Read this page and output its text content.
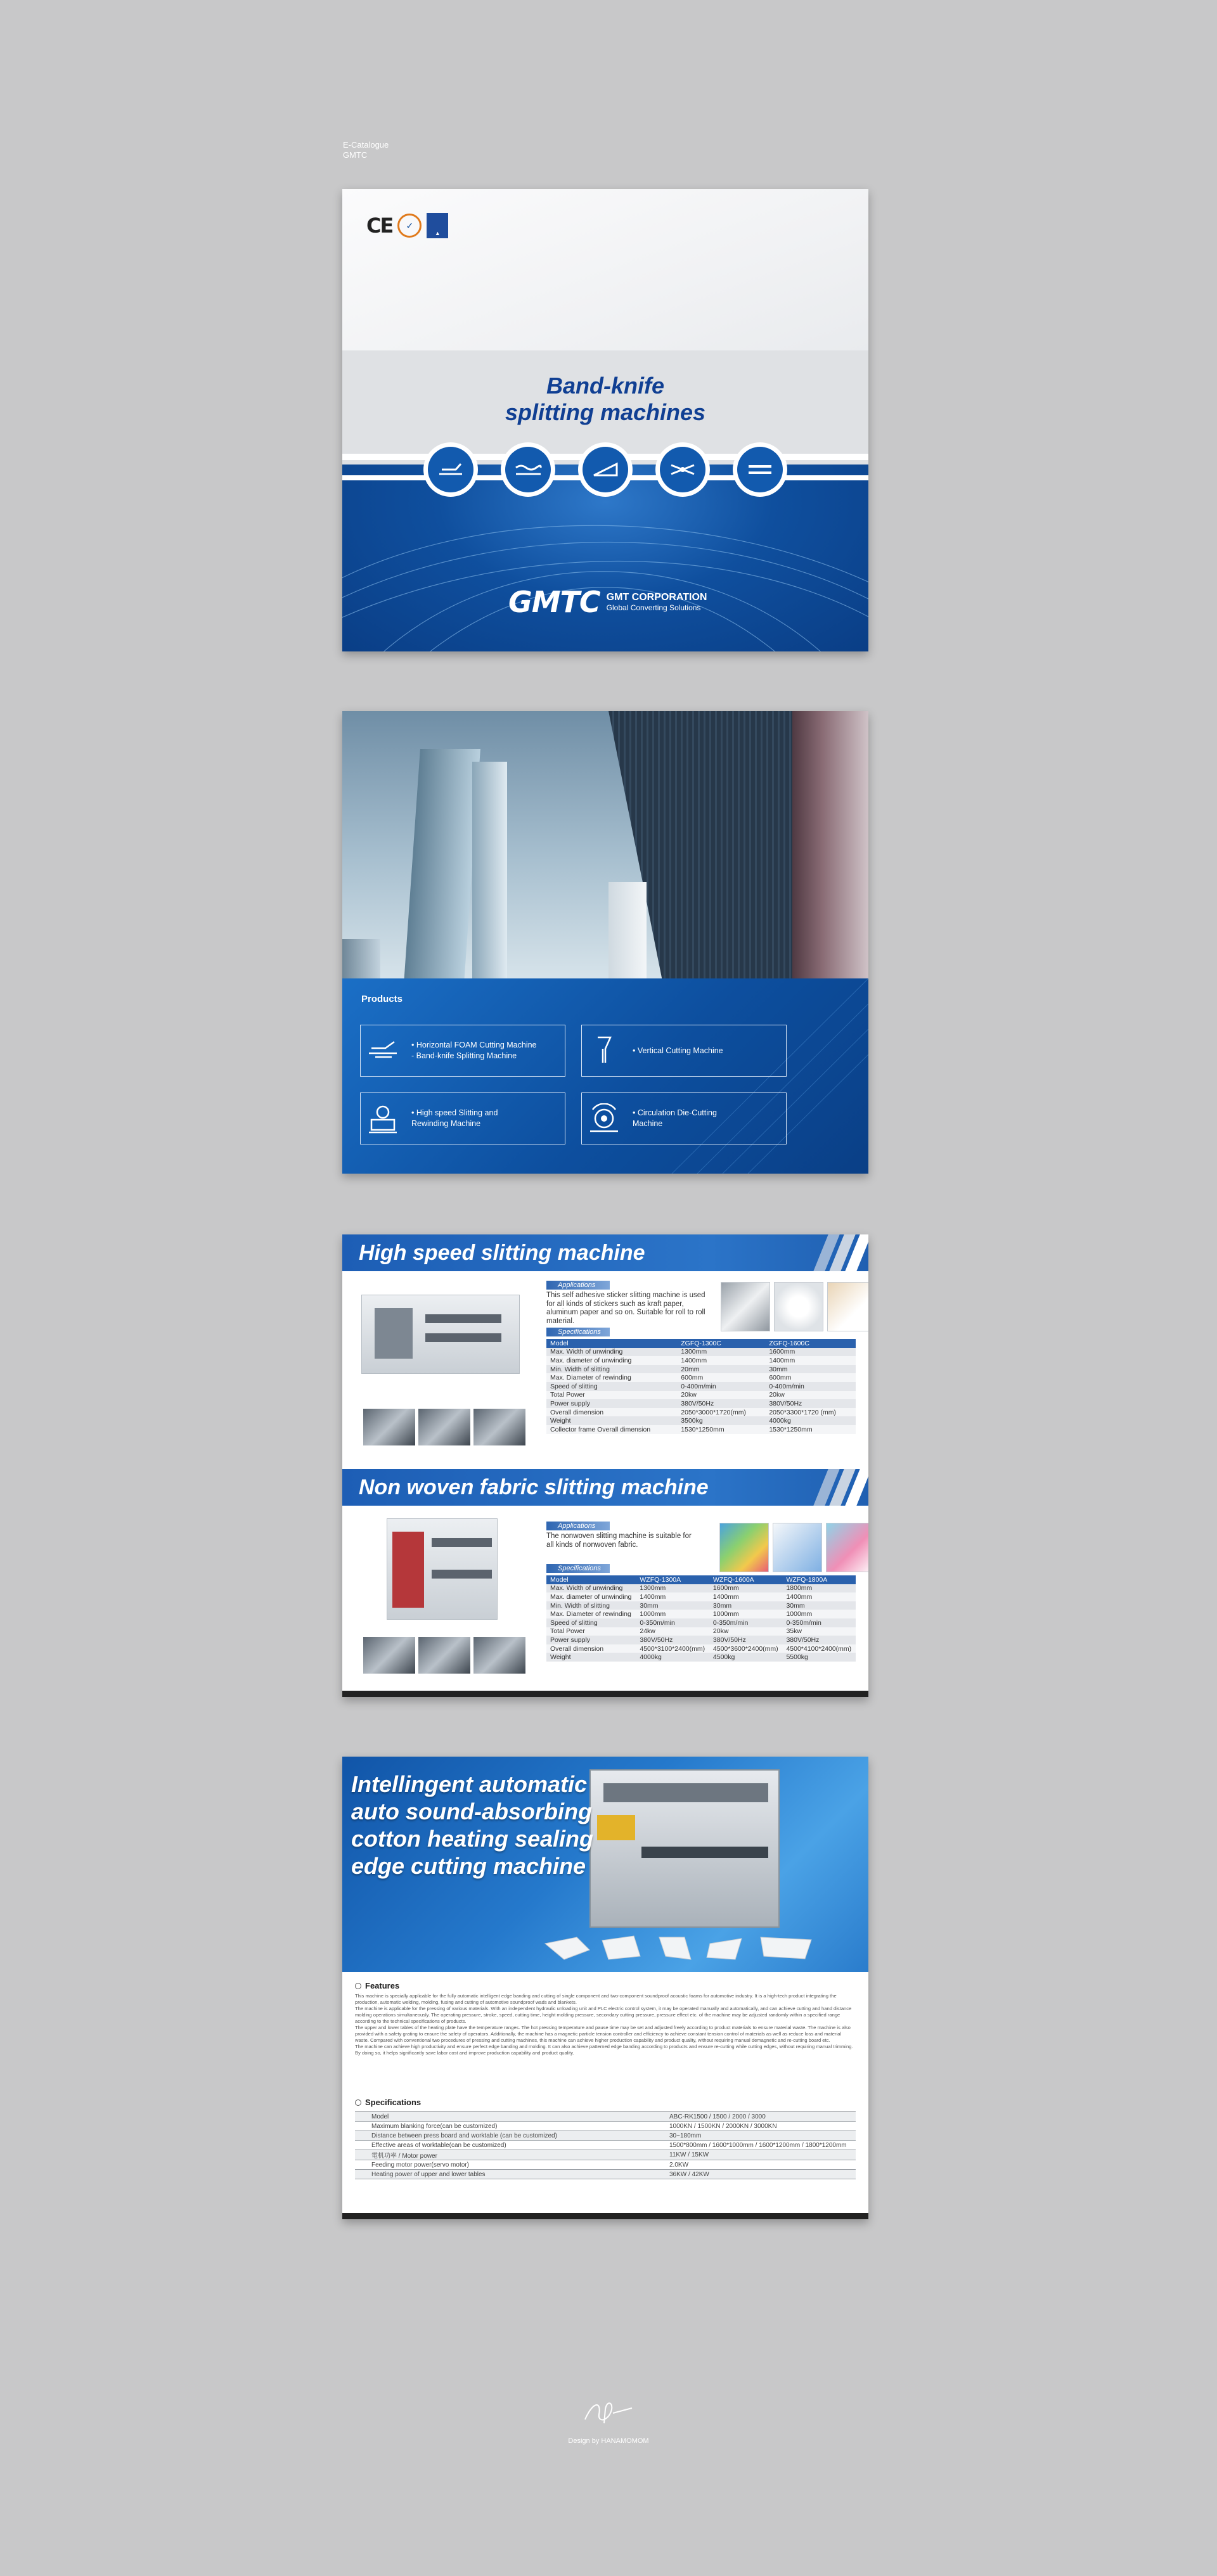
E-Catalogue
GMTC
CE	✓
▲
Band-knife
splitting machines
GMTC GMT CORPORATION
Global Converting Solutions
Products
• Horizontal FOAM Cutting Machine
- Band-knife Splitting Machine
• Vertical Cutting Machine
• High speed Slitting and
Rewinding Machine
• Circulation Die-Cutting
Machine
High speed slitting machine
Applications
This self adhesive sticker slitting machine is used for all kinds of stickers such as kraft paper, aluminum paper and so on. Suitable for roll to roll material.
Specifications
Model	ZGFQ-1300C	ZGFQ-1600C
Max. Width of unwinding	1300mm	1600mm
Max. diameter of unwinding	1400mm	1400mm
Min. Width of slitting	20mm	30mm
Max. Diameter of rewinding	600mm	600mm
Speed of slitting	0-400m/min	0-400m/min
Total Power	20kw	20kw
Power supply	380V/50Hz	380V/50Hz
Overall dimension	2050*3000*1720(mm)	2050*3300*1720 (mm)
Weight	3500kg	4000kg
Collector frame Overall dimension	1530*1250mm	1530*1250mm
Non woven fabric slitting machine
Applications
The nonwoven slitting machine is suitable for all kinds of nonwoven fabric.
Specifications
Model	WZFQ-1300A	WZFQ-1600A	WZFQ-1800A
Max. Width of unwinding	1300mm	1600mm	1800mm
Max. diameter of unwinding	1400mm	1400mm	1400mm
Min. Width of slitting	30mm	30mm	30mm
Max. Diameter of rewinding	1000mm	1000mm	1000mm
Speed of slitting	0-350m/min	0-350m/min	0-350m/min
Total Power	24kw	20kw	35kw
Power supply	380V/50Hz	380V/50Hz	380V/50Hz
Overall dimension	4500*3100*2400(mm)	4500*3600*2400(mm)	4500*4100*2400(mm)
Weight	4000kg	4500kg	5500kg
Intellingent automatic
auto sound-absorbing
cotton heating sealing
edge cutting machine
Features
This machine is specially applicable for the fully automatic intelligent edge banding and cutting of single component and two-component soundproof acoustic foams for automotive industry. It is a high-tech product integrating the production, automatic welding, molding, fusing and cutting of automotive soundproof wads and blankets.
The machine is applicable for the pressing of various materials. With an independent hydraulic unloading unit and PLC electric control system, it may be operated manually and automatically, and can achieve cutting and hand distance molding operations simultaneously. The operating pressure, stroke, speed, cutting time, height molding pressure, secondary cutting pressure, pressure effect etc. of the machine may be adjusted randomly within a specified range according to the technical specifications of products.
The upper and lower tables of the heating plate have the temperature ranges. The hot pressing temperature and pause time may be set and adjusted freely according to product materials to ensure material waste. The machine is also provided with a safety grating to ensure the safety of operators. Additionally, the machine has a magnetic particle tension controller and efficiency to achieve constant tension control of materials as well as reduce loss and material waste. Compared with conventional two procedures of pressing and cutting machines, this machine can achieve higher production capability and product quality, without requiring manual demagnetic and re-cutting board etc.
The machine can achieve high productivity and ensure perfect edge banding and molding. It can also achieve patterned edge banding according to products and ensure re-cutting while cutting edges, without requiring manual trimming. By doing so, it helps significantly save labor cost and improve production capability and product quality.
Specifications
Model	ABC-RK1500 / 1500 / 2000 / 3000
Maximum blanking force(can be customized)	1000KN / 1500KN / 2000KN / 3000KN
Distance between press board and worktable (can be customized)	30~180mm
Effective areas of worktable(can be customized)	1500*800mm / 1600*1000mm / 1600*1200mm / 1800*1200mm
電机功率 / Motor power	11KW / 15KW
Feeding motor power(servo motor)	2.0KW
Heating power of upper and lower tables	36KW / 42KW
Design by HANAMOMOM
